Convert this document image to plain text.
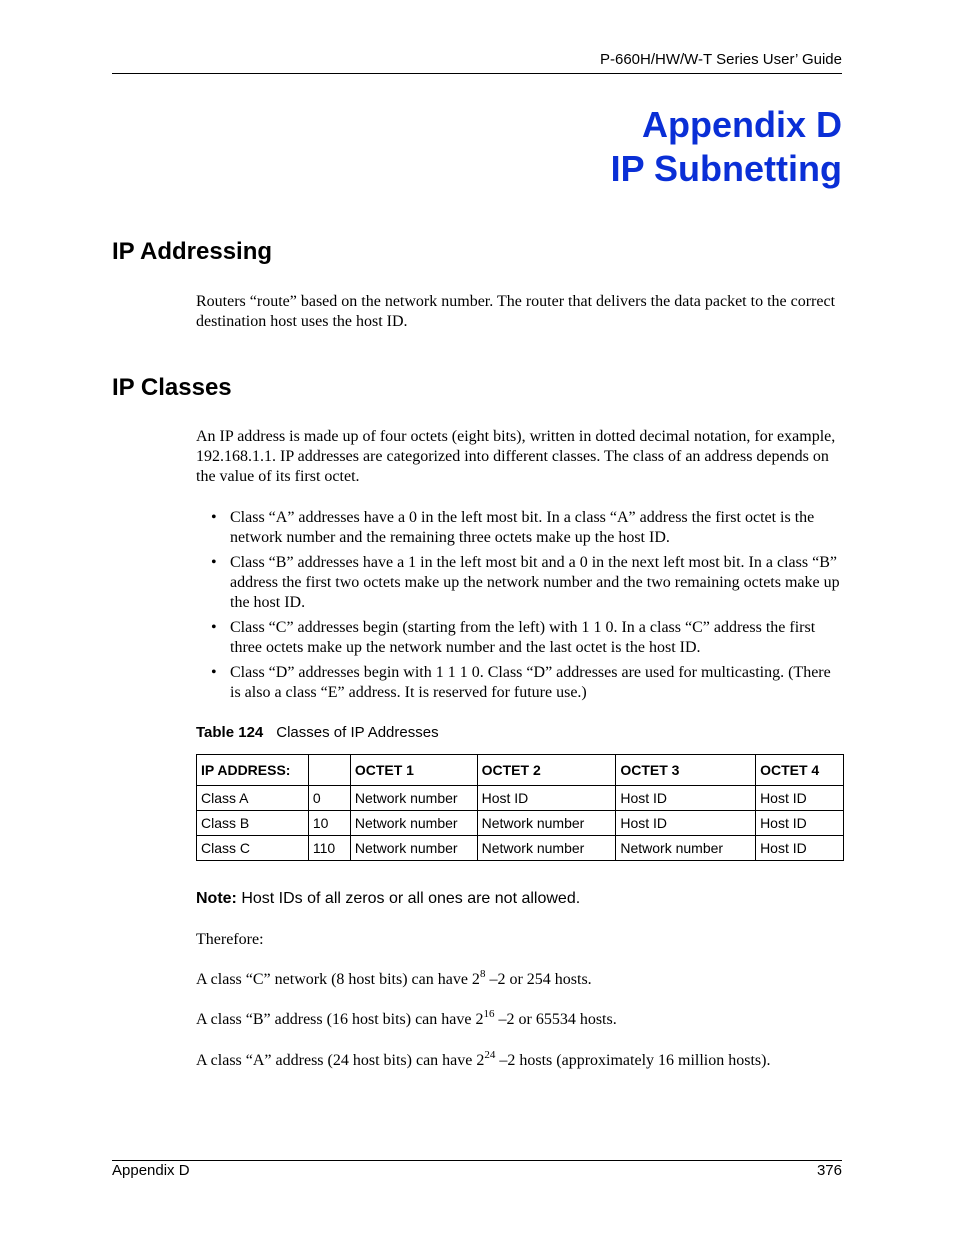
P-660H/HW/W-T Series User’ Guide
Appendix D
IP Subnetting
IP Addressing
Routers “route” based on the network number. The router that delivers the data packet to the correct destination host uses the host ID.
IP Classes
An IP address is made up of four octets (eight bits), written in dotted decimal notation, for example, 192.168.1.1. IP addresses are categorized into different classes. The class of an address depends on the value of its first octet.
• Class “A” addresses have a 0 in the left most bit. In a class “A” address the first octet is the network number and the remaining three octets make up the host ID.
• Class “B” addresses have a 1 in the left most bit and a 0 in the next left most bit. In a class “B” address the first two octets make up the network number and the two remaining octets make up the host ID.
• Class “C” addresses begin (starting from the left) with 1 1 0. In a class “C” address the first three octets make up the network number and the last octet is the host ID.
• Class “D” addresses begin with 1 1 1 0. Class “D” addresses are used for multicasting. (There is also a class “E” address. It is reserved for future use.)
Table 124 Classes of IP Addresses
IP ADDRESS:		OCTET 1	OCTET 2	OCTET 3	OCTET 4
Class A	0	Network number	Host ID	Host ID	Host ID
Class B	10	Network number	Network number	Host ID	Host ID
Class C	110	Network number	Network number	Network number	Host ID
Note: Host IDs of all zeros or all ones are not allowed.
Therefore:
A class “C” network (8 host bits) can have $2^8$ –2 or 254 hosts.
A class “B” address (16 host bits) can have $2^{16}$ –2 or 65534 hosts.
A class “A” address (24 host bits) can have $2^{24}$ –2 hosts (approximately 16 million hosts).
Appendix D	376
